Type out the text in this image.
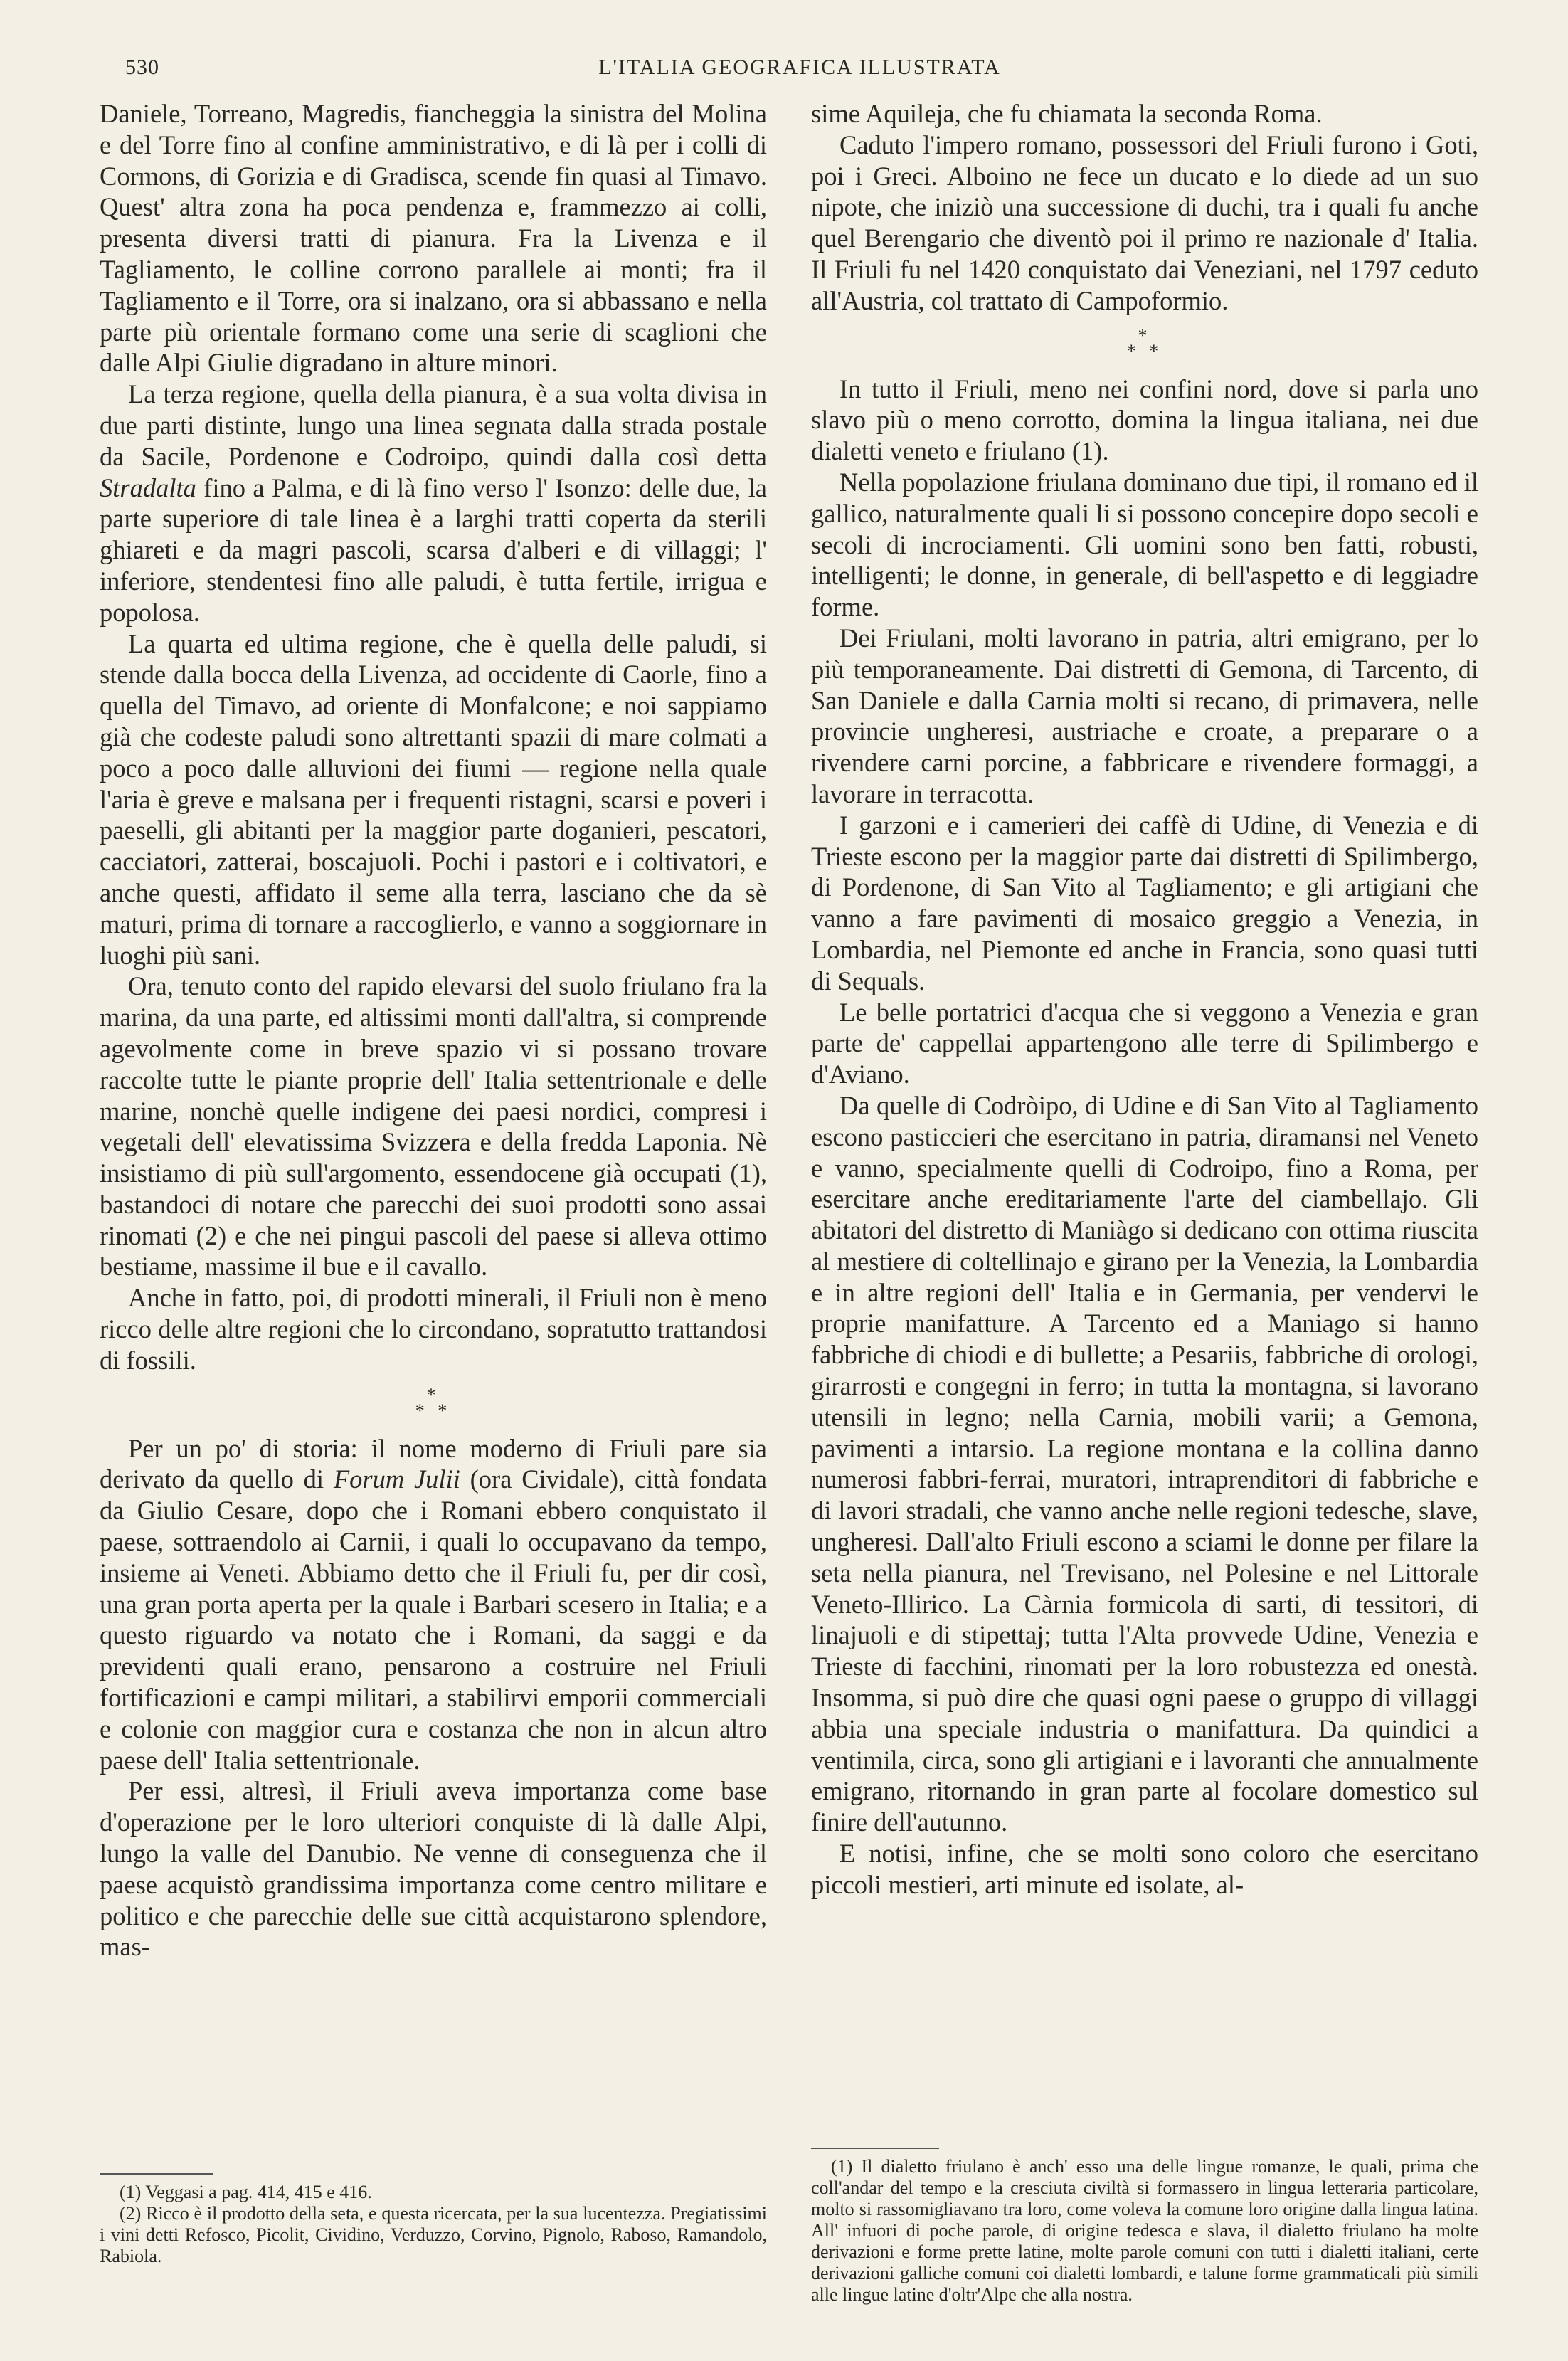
530	L'ITALIA GEOGRAFICA ILLUSTRATA

Daniele, Torreano, Magredis, fiancheggia la sinistra del Molina e del Torre fino al confine amministrativo, e di là per i colli di Cormons, di Gorizia e di Gradisca, scende fin quasi al Timavo. Quest' altra zona ha poca pendenza e, frammezzo ai colli, presenta diversi tratti di pianura. Fra la Livenza e il Tagliamento, le colline corrono parallele ai monti; fra il Tagliamento e il Torre, ora si inalzano, ora si abbassano e nella parte più orientale formano come una serie di scaglioni che dalle Alpi Giulie digradano in alture minori.

La terza regione, quella della pianura, è a sua volta divisa in due parti distinte, lungo una linea segnata dalla strada postale da Sacile, Pordenone e Codroipo, quindi dalla così detta Stradalta fino a Palma, e di là fino verso l' Isonzo: delle due, la parte superiore di tale linea è a larghi tratti coperta da sterili ghiareti e da magri pascoli, scarsa d'alberi e di villaggi; l' inferiore, stendentesi fino alle paludi, è tutta fertile, irrigua e popolosa.

La quarta ed ultima regione, che è quella delle paludi, si stende dalla bocca della Livenza, ad occidente di Caorle, fino a quella del Timavo, ad oriente di Monfalcone; e noi sappiamo già che codeste paludi sono altrettanti spazii di mare colmati a poco a poco dalle alluvioni dei fiumi — regione nella quale l'aria è greve e malsana per i frequenti ristagni, scarsi e poveri i paeselli, gli abitanti per la maggior parte doganieri, pescatori, cacciatori, zatterai, boscajuoli. Pochi i pastori e i coltivatori, e anche questi, affidato il seme alla terra, lasciano che da sè maturi, prima di tornare a raccoglierlo, e vanno a soggiornare in luoghi più sani.

Ora, tenuto conto del rapido elevarsi del suolo friulano fra la marina, da una parte, ed altissimi monti dall'altra, si comprende agevolmente come in breve spazio vi si possano trovare raccolte tutte le piante proprie dell' Italia settentrionale e delle marine, nonchè quelle indigene dei paesi nordici, compresi i vegetali dell' elevatissima Svizzera e della fredda Laponia. Nè insistiamo di più sull'argomento, essendocene già occupati (1), bastandoci di notare che parecchi dei suoi prodotti sono assai rinomati (2) e che nei pingui pascoli del paese si alleva ottimo bestiame, massime il bue e il cavallo.

Anche in fatto, poi, di prodotti minerali, il Friuli non è meno ricco delle altre regioni che lo circondano, sopratutto trattandosi di fossili.

*
* *

Per un po' di storia: il nome moderno di Friuli pare sia derivato da quello di Forum Julii (ora Cividale), città fondata da Giulio Cesare, dopo che i Romani ebbero conquistato il paese, sottraendolo ai Carnii, i quali lo occupavano da tempo, insieme ai Veneti. Abbiamo detto che il Friuli fu, per dir così, una gran porta aperta per la quale i Barbari scesero in Italia; e a questo riguardo va notato che i Romani, da saggi e da previdenti quali erano, pensarono a costruire nel Friuli fortificazioni e campi militari, a stabilirvi emporii commerciali e colonie con maggior cura e costanza che non in alcun altro paese dell' Italia settentrionale.

Per essi, altresì, il Friuli aveva importanza come base d'operazione per le loro ulteriori conquiste di là dalle Alpi, lungo la valle del Danubio. Ne venne di conseguenza che il paese acquistò grandissima importanza come centro militare e politico e che parecchie delle sue città acquistarono splendore, mas-

(1) Veggasi a pag. 414, 415 e 416.

(2) Ricco è il prodotto della seta, e questa ricercata, per la sua lucentezza. Pregiatissimi i vini detti Refosco, Picolit, Cividino, Verduzzo, Corvino, Pignolo, Raboso, Ramandolo, Rabiola.

sime Aquileja, che fu chiamata la seconda Roma.

Caduto l'impero romano, possessori del Friuli furono i Goti, poi i Greci. Alboino ne fece un ducato e lo diede ad un suo nipote, che iniziò una successione di duchi, tra i quali fu anche quel Berengario che diventò poi il primo re nazionale d' Italia. Il Friuli fu nel 1420 conquistato dai Veneziani, nel 1797 ceduto all'Austria, col trattato di Campoformio.

*
* *

In tutto il Friuli, meno nei confini nord, dove si parla uno slavo più o meno corrotto, domina la lingua italiana, nei due dialetti veneto e friulano (1).

Nella popolazione friulana dominano due tipi, il romano ed il gallico, naturalmente quali li si possono concepire dopo secoli e secoli di incrociamenti. Gli uomini sono ben fatti, robusti, intelligenti; le donne, in generale, di bell'aspetto e di leggiadre forme.

Dei Friulani, molti lavorano in patria, altri emigrano, per lo più temporaneamente. Dai distretti di Gemona, di Tarcento, di San Daniele e dalla Carnia molti si recano, di primavera, nelle provincie ungheresi, austriache e croate, a preparare o a rivendere carni porcine, a fabbricare e rivendere formaggi, a lavorare in terracotta.

I garzoni e i camerieri dei caffè di Udine, di Venezia e di Trieste escono per la maggior parte dai distretti di Spilimbergo, di Pordenone, di San Vito al Tagliamento; e gli artigiani che vanno a fare pavimenti di mosaico greggio a Venezia, in Lombardia, nel Piemonte ed anche in Francia, sono quasi tutti di Sequals.

Le belle portatrici d'acqua che si veggono a Venezia e gran parte de' cappellai appartengono alle terre di Spilimbergo e d'Aviano.

Da quelle di Codròipo, di Udine e di San Vito al Tagliamento escono pasticcieri che esercitano in patria, diramansi nel Veneto e vanno, specialmente quelli di Codroipo, fino a Roma, per esercitare anche ereditariamente l'arte del ciambellajo. Gli abitatori del distretto di Maniàgo si dedicano con ottima riuscita al mestiere di coltellinajo e girano per la Venezia, la Lombardia e in altre regioni dell' Italia e in Germania, per vendervi le proprie manifatture. A Tarcento ed a Maniago si hanno fabbriche di chiodi e di bullette; a Pesariis, fabbriche di orologi, girarrosti e congegni in ferro; in tutta la montagna, si lavorano utensili in legno; nella Carnia, mobili varii; a Gemona, pavimenti a intarsio. La regione montana e la collina danno numerosi fabbri-ferrai, muratori, intraprenditori di fabbriche e di lavori stradali, che vanno anche nelle regioni tedesche, slave, ungheresi. Dall'alto Friuli escono a sciami le donne per filare la seta nella pianura, nel Trevisano, nel Polesine e nel Littorale Veneto-Illirico. La Càrnia formicola di sarti, di tessitori, di linajuoli e di stipettaj; tutta l'Alta provvede Udine, Venezia e Trieste di facchini, rinomati per la loro robustezza ed onestà. Insomma, si può dire che quasi ogni paese o gruppo di villaggi abbia una speciale industria o manifattura. Da quindici a ventimila, circa, sono gli artigiani e i lavoranti che annualmente emigrano, ritornando in gran parte al focolare domestico sul finire dell'autunno.

E notisi, infine, che se molti sono coloro che esercitano piccoli mestieri, arti minute ed isolate, al-

(1) Il dialetto friulano è anch' esso una delle lingue romanze, le quali, prima che coll'andar del tempo e la cresciuta civiltà si formassero in lingua letteraria particolare, molto si rassomigliavano tra loro, come voleva la comune loro origine dalla lingua latina. All' infuori di poche parole, di origine tedesca e slava, il dialetto friulano ha molte derivazioni e forme prette latine, molte parole comuni con tutti i dialetti italiani, certe derivazioni galliche comuni coi dialetti lombardi, e talune forme grammaticali più simili alle lingue latine d'oltr'Alpe che alla nostra.
